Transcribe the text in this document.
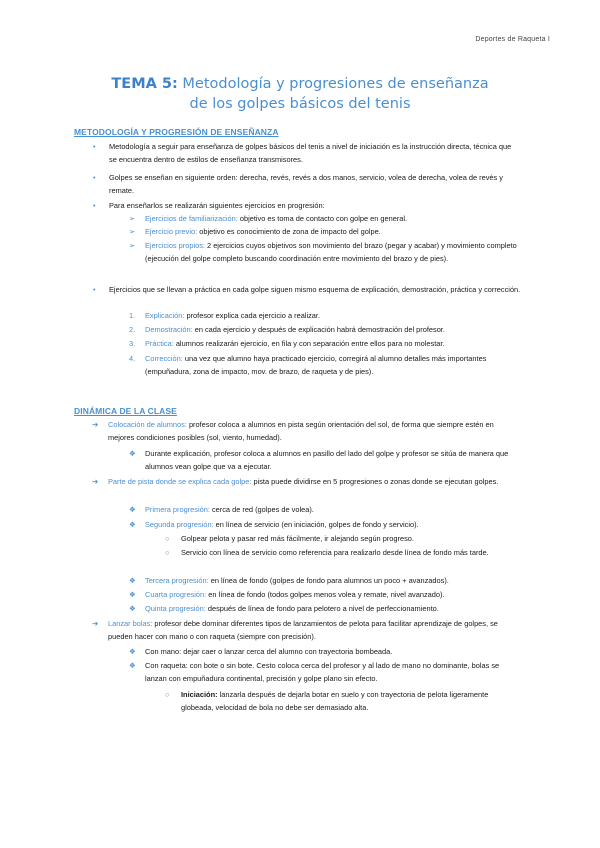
Deportes de Raqueta I
TEMA 5: Metodología y progresiones de enseñanza
de los golpes básicos del tenis
METODOLOGÍA Y PROGRESIÓN DE ENSEÑANZA
• Metodología a seguir para enseñanza de golpes básicos del tenis a nivel de iniciación es la instrucción directa, técnica que se encuentra dentro de estilos de enseñanza transmisores.
• Golpes se enseñan en siguiente orden: derecha, revés, revés a dos manos, servicio, volea de derecha, volea de revés y remate.
• Para enseñarlos se realizarán siguientes ejercicios en progresión:
➢ Ejercicios de familiarización: objetivo es toma de contacto con golpe en general.
➢ Ejercicio previo: objetivo es conocimiento de zona de impacto del golpe.
➢ Ejercicios propios: 2 ejercicios cuyos objetivos son movimiento del brazo (pegar y acabar) y movimiento completo (ejecución del golpe completo buscando coordinación entre movimiento del brazo y de pies).
• Ejercicios que se llevan a práctica en cada golpe siguen mismo esquema de explicación, demostración, práctica y corrección.
1. Explicación: profesor explica cada ejercicio a realizar.
2. Demostración: en cada ejercicio y después de explicación habrá demostración del profesor.
3. Práctica: alumnos realizarán ejercicio, en fila y con separación entre ellos para no molestar.
4. Corrección: una vez que alumno haya practicado ejercicio, corregirá al alumno detalles más importantes (empuñadura, zona de impacto, mov. de brazo, de raqueta y de pies).
DINÁMICA DE LA CLASE
➔ Colocación de alumnos: profesor coloca a alumnos en pista según orientación del sol, de forma que siempre estén en mejores condiciones posibles (sol, viento, humedad).
❖ Durante explicación, profesor coloca a alumnos en pasillo del lado del golpe y profesor se sitúa de manera que alumnos vean golpe que va a ejecutar.
➔ Parte de pista donde se explica cada golpe: pista puede dividirse en 5 progresiones o zonas donde se ejecutan golpes.
❖ Primera progresión: cerca de red (golpes de volea).
❖ Segunda progresión: en línea de servicio (en iniciación, golpes de fondo y servicio).
○ Golpear pelota y pasar red más fácilmente, ir alejando según progreso.
○ Servicio con línea de servicio como referencia para realizarlo desde línea de fondo más tarde.
❖ Tercera progresión: en línea de fondo (golpes de fondo para alumnos un poco + avanzados).
❖ Cuarta progresión: en línea de fondo (todos golpes menos volea y remate, nivel avanzado).
❖ Quinta progresión: después de línea de fondo para pelotero a nivel de perfeccionamiento.
➔ Lanzar bolas: profesor debe dominar diferentes tipos de lanzamientos de pelota para facilitar aprendizaje de golpes, se pueden hacer con mano o con raqueta (siempre con precisión).
❖ Con mano: dejar caer o lanzar cerca del alumno con trayectoria bombeada.
❖ Con raqueta: con bote o sin bote. Cesto coloca cerca del profesor y al lado de mano no dominante, bolas se lanzan con empuñadura continental, precisión y golpe plano sin efecto.
○ Iniciación: lanzarla después de dejarla botar en suelo y con trayectoria de pelota ligeramente globeada, velocidad de bola no debe ser demasiado alta.
